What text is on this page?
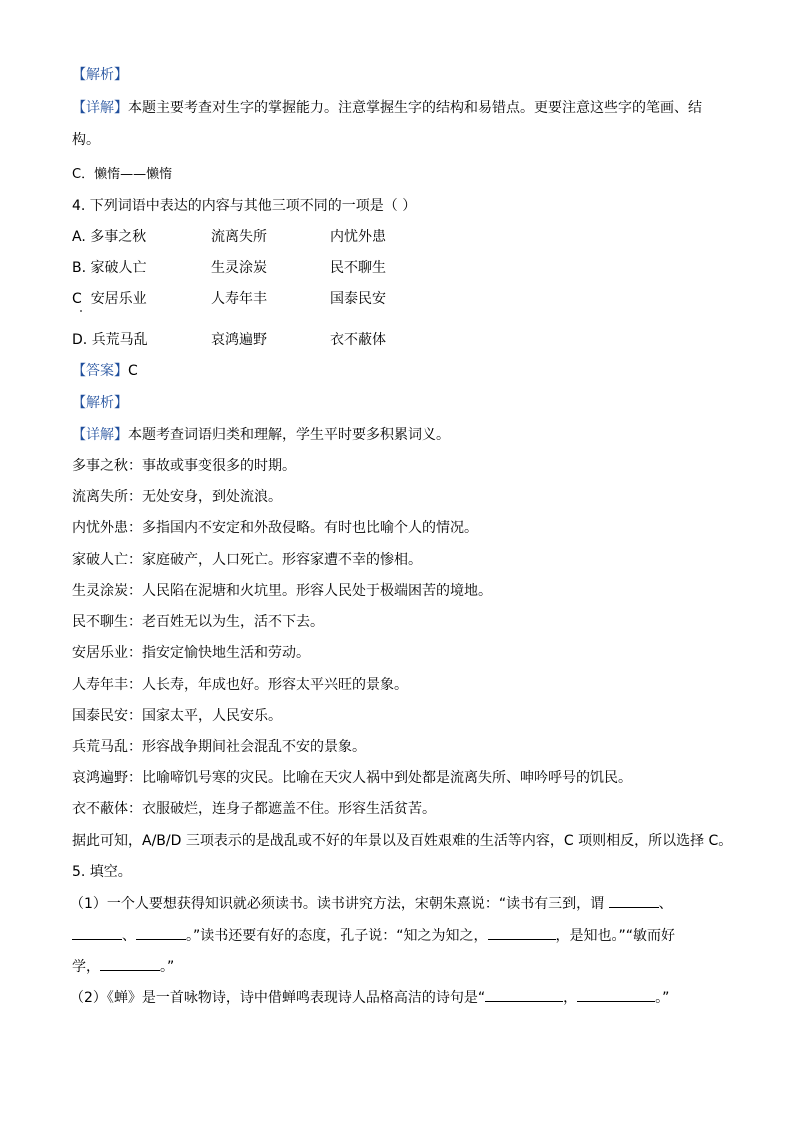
【解析】
【详解】本题主要考查对生字的掌握能力。注意掌握生字的结构和易错点。更要注意这些字的笔画、结
构。
C．懒惰——懒惰
4. 下列词语中表达的内容与其他三项不同的一项是（ ）
A. 多事之秋	流离失所	内忧外患
B. 家破人亡	生灵涂炭	民不聊生
C 安居乐业	人寿年丰	国泰民安
D. 兵荒马乱	哀鸿遍野	衣不蔽体
【答案】C
【解析】
【详解】本题考查词语归类和理解，学生平时要多积累词义。
多事之秋：事故或事变很多的时期。
流离失所：无处安身，到处流浪。
内忧外患：多指国内不安定和外敌侵略。有时也比喻个人的情况。
家破人亡：家庭破产，人口死亡。形容家遭不幸的惨相。
生灵涂炭：人民陷在泥塘和火坑里。形容人民处于极端困苦的境地。
民不聊生：老百姓无以为生，活不下去。
安居乐业：指安定愉快地生活和劳动。
人寿年丰：人长寿，年成也好。形容太平兴旺的景象。
国泰民安：国家太平，人民安乐。
兵荒马乱：形容战争期间社会混乱不安的景象。
哀鸿遍野：比喻啼饥号寒的灾民。比喻在天灾人祸中到处都是流离失所、呻吟呼号的饥民。
衣不蔽体：衣服破烂，连身子都遮盖不住。形容生活贫苦。
据此可知，A/B/D 三项表示的是战乱或不好的年景以及百姓艰难的生活等内容，C 项则相反，所以选择 C。
5. 填空。
（1）一个人要想获得知识就必须读书。读书讲究方法，宋朝朱熹说：“读书有三到，谓	、
、	。”读书还要有好的态度，孔子说：“知之为知之，	，是知也。”“敏而好
学，	。”
（2）《蝉》是一首咏物诗，诗中借蝉鸣表现诗人品格高洁的诗句是“	，	。”
